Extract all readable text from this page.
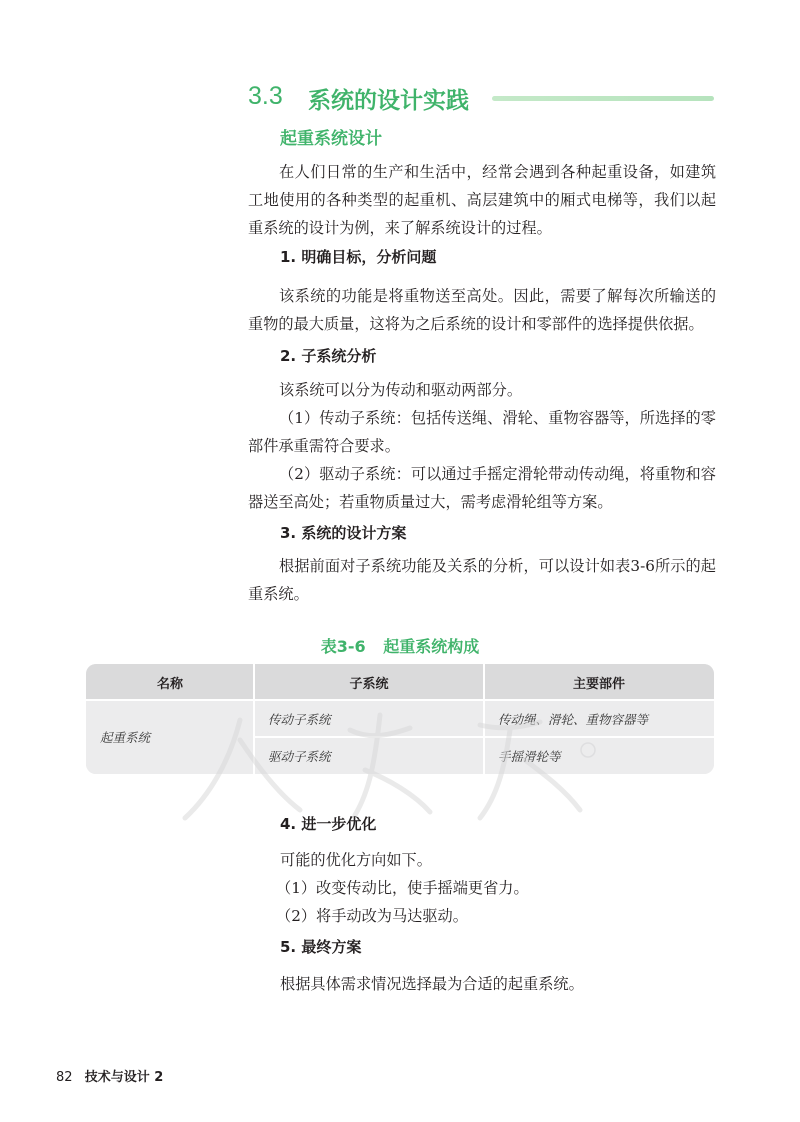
3.3 系统的设计实践
起重系统设计

在人们日常的生产和生活中，经常会遇到各种起重设备，如建筑工地使用的各种类型的起重机、高层建筑中的厢式电梯等，我们以起重系统的设计为例，来了解系统设计的过程。

1. 明确目标，分析问题

该系统的功能是将重物送至高处。因此，需要了解每次所输送的重物的最大质量，这将为之后系统的设计和零部件的选择提供依据。

2. 子系统分析

该系统可以分为传动和驱动两部分。

（1）传动子系统：包括传送绳、滑轮、重物容器等，所选择的零部件承重需符合要求。

（2）驱动子系统：可以通过手摇定滑轮带动传动绳，将重物和容器送至高处；若重物质量过大，需考虑滑轮组等方案。

3. 系统的设计方案

根据前面对子系统功能及关系的分析，可以设计如表3-6所示的起重系统。

表3-6 起重系统构成
名称	子系统	主要部件
起重系统
传动子系统	传动绳、滑轮、重物容器等
驱动子系统	手摇滑轮等
4. 进一步优化

可能的优化方向如下。

（1）改变传动比，使手摇端更省力。

（2）将手动改为马达驱动。

5. 最终方案

根据具体需求情况选择最为合适的起重系统。

82 技术与设计 2
